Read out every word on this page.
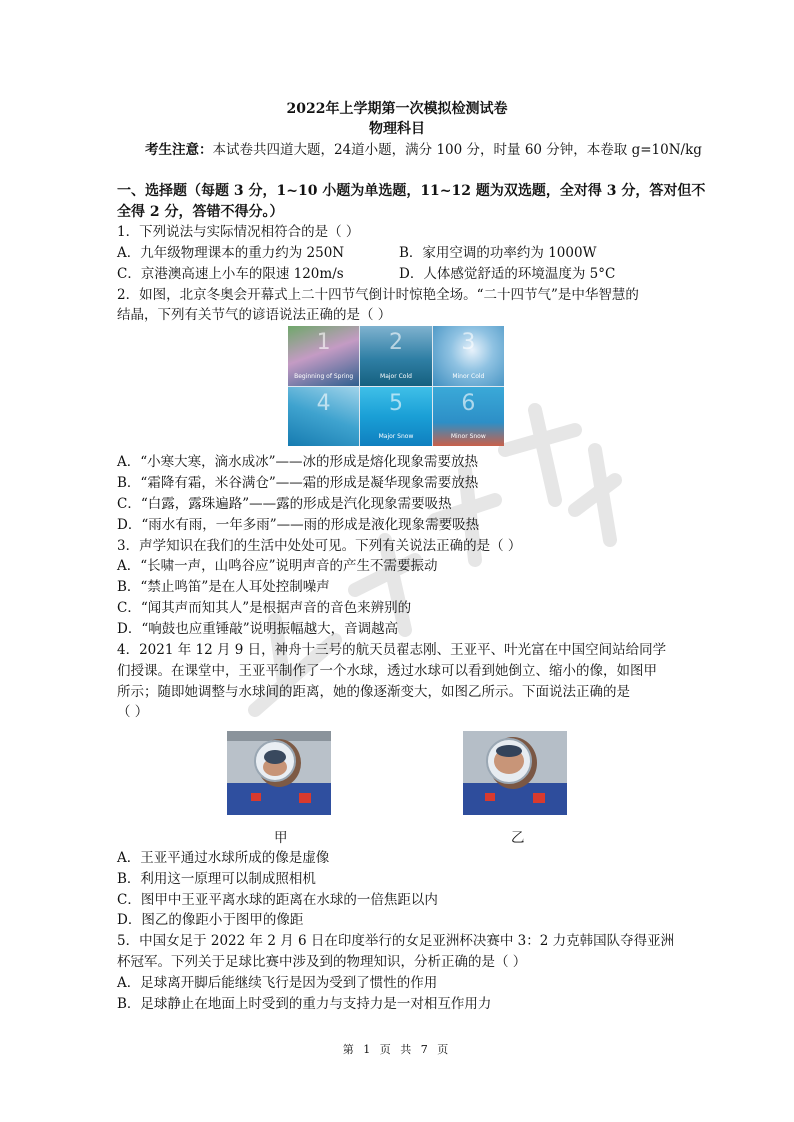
2022年上学期第一次模拟检测试卷
物理科目
考生注意：本试卷共四道大题，24道小题，满分 100 分，时量 60 分钟，本卷取 g=10N/kg
一、选择题（每题 3 分，1~10 小题为单选题，11~12 题为双选题，全对得 3 分，答对但不
全得 2 分，答错不得分。）
1．下列说法与实际情况相符合的是（ ）
A．九年级物理课本的重力约为 250N	B．家用空调的功率约为 1000W
C．京港澳高速上小车的限速 120m/s	D．人体感觉舒适的环境温度为 5°C
2．如图，北京冬奥会开幕式上二十四节气倒计时惊艳全场。“二十四节气”是中华智慧的
结晶，下列有关节气的谚语说法正确的是（ ）
1
Beginning of Spring
2
Major Cold
3
Minor Cold
4	5
Major Snow
6
Minor Snow
A．“小寒大寒，滴水成冰”——冰的形成是熔化现象需要放热
B．“霜降有霜，米谷满仓”——霜的形成是凝华现象需要放热
C．“白露，露珠遍路”——露的形成是汽化现象需要吸热
D．“雨水有雨，一年多雨”——雨的形成是液化现象需要吸热
3．声学知识在我们的生活中处处可见。下列有关说法正确的是（ ）
A．“长啸一声，山鸣谷应”说明声音的产生不需要振动
B．“禁止鸣笛”是在人耳处控制噪声
C．“闻其声而知其人”是根据声音的音色来辨别的
D．“响鼓也应重锤敲”说明振幅越大，音调越高
4．2021 年 12 月 9 日，神舟十三号的航天员翟志刚、王亚平、叶光富在中国空间站给同学
们授课。在课堂中，王亚平制作了一个水球，透过水球可以看到她倒立、缩小的像，如图甲
所示；随即她调整与水球间的距离，她的像逐渐变大，如图乙所示。下面说法正确的是
（ ）
甲	乙
A．王亚平通过水球所成的像是虚像
B．利用这一原理可以制成照相机
C．图甲中王亚平离水球的距离在水球的一倍焦距以内
D．图乙的像距小于图甲的像距
5．中国女足于 2022 年 2 月 6 日在印度举行的女足亚洲杯决赛中 3：2 力克韩国队夺得亚洲
杯冠军。下列关于足球比赛中涉及到的物理知识，分析正确的是（ ）
A．足球离开脚后能继续飞行是因为受到了惯性的作用
B．足球静止在地面上时受到的重力与支持力是一对相互作用力
第 1 页 共 7 页
